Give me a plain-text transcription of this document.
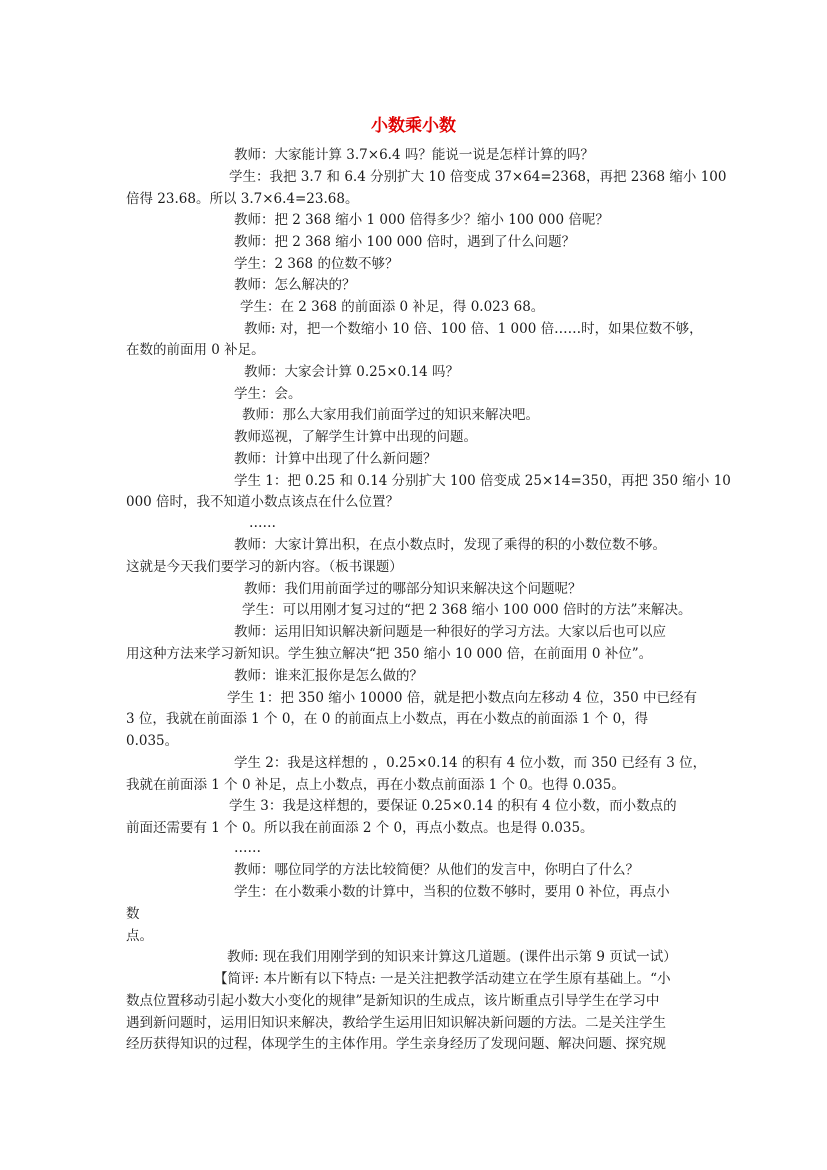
小数乘小数
教师：大家能计算 3.7×6.4 吗？能说一说是怎样计算的吗？
学生：我把 3.7 和 6.4 分别扩大 10 倍变成 37×64=2368，再把 2368 缩小 100
倍得 23.68。所以 3.7×6.4=23.68。
教师：把 2 368 缩小 1 000 倍得多少？缩小 100 000 倍呢？
教师：把 2 368 缩小 100 000 倍时，遇到了什么问题？
学生：2 368 的位数不够？
教师：怎么解决的？
学生：在 2 368 的前面添 0 补足，得 0.023 68。
教师: 对，把一个数缩小 10 倍、100 倍、1 000 倍……时，如果位数不够，
在数的前面用 0 补足。
教师：大家会计算 0.25×0.14 吗？
学生：会。
教师：那么大家用我们前面学过的知识来解决吧。
教师巡视，了解学生计算中出现的问题。
教师：计算中出现了什么新问题？
学生 1：把 0.25 和 0.14 分别扩大 100 倍变成 25×14=350，再把 350 缩小 10
000 倍时，我不知道小数点该点在什么位置？
……
教师：大家计算出积，在点小数点时，发现了乘得的积的小数位数不够。
这就是今天我们要学习的新内容。（板书课题）
教师：我们用前面学过的哪部分知识来解决这个问题呢？
学生：可以用刚才复习过的“把 2 368 缩小 100 000 倍时的方法”来解决。
教师：运用旧知识解决新问题是一种很好的学习方法。大家以后也可以应
用这种方法来学习新知识。学生独立解决“把 350 缩小 10 000 倍，在前面用 0 补位”。
教师：谁来汇报你是怎么做的？
学生 1：把 350 缩小 10000 倍，就是把小数点向左移动 4 位，350 中已经有
3 位，我就在前面添 1 个 0，在 0 的前面点上小数点，再在小数点的前面添 1 个 0，得
0.035。
学生 2：我是这样想的 ，0.25×0.14 的积有 4 位小数，而 350 已经有 3 位，
我就在前面添 1 个 0 补足，点上小数点，再在小数点前面添 1 个 0。也得 0.035。
学生 3：我是这样想的，要保证 0.25×0.14 的积有 4 位小数，而小数点的
前面还需要有 1 个 0。所以我在前面添 2 个 0，再点小数点。也是得 0.035。
……
教师：哪位同学的方法比较简便？从他们的发言中，你明白了什么？
学生：在小数乘小数的计算中，当积的位数不够时，要用 0 补位，再点小
数
点。
教师: 现在我们用刚学到的知识来计算这几道题。(课件出示第 9 页试一试）
【简评: 本片断有以下特点: 一是关注把教学活动建立在学生原有基础上。“小
数点位置移动引起小数大小变化的规律”是新知识的生成点，该片断重点引导学生在学习中
遇到新问题时，运用旧知识来解决，教给学生运用旧知识解决新问题的方法。二是关注学生
经历获得知识的过程，体现学生的主体作用。学生亲身经历了发现问题、解决问题、探究规
